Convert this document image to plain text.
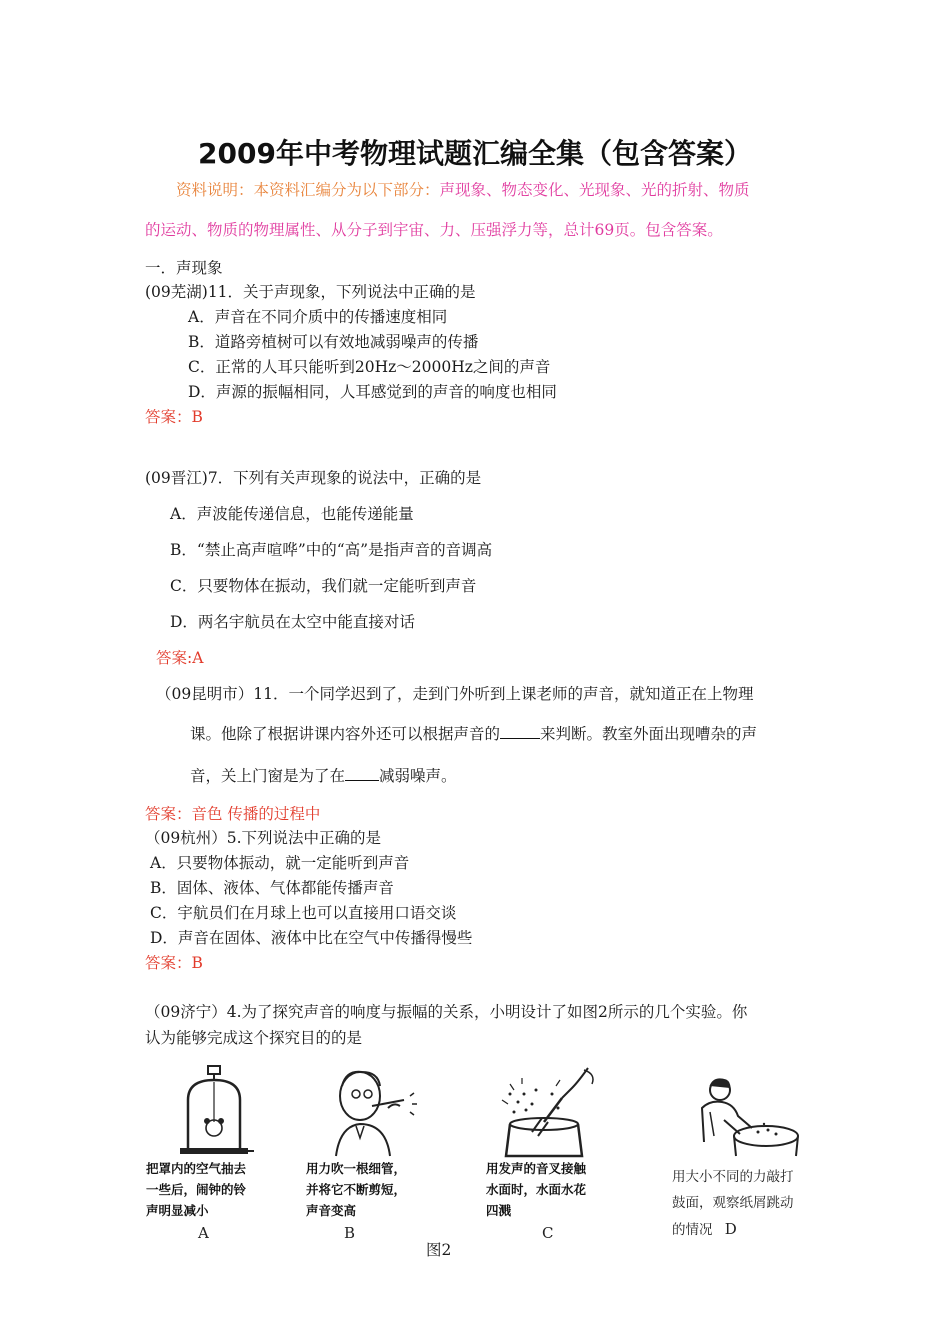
2009年中考物理试题汇编全集（包含答案）
资料说明：本资料汇编分为以下部分：声现象、物态变化、光现象、光的折射、物质
的运动、物质的物理属性、从分子到宇宙、力、压强浮力等，总计69页。包含答案。
一．声现象
(09芜湖)11．关于声现象，下列说法中正确的是
A．声音在不同介质中的传播速度相同
B．道路旁植树可以有效地减弱噪声的传播
C．正常的人耳只能听到20Hz～2000Hz之间的声音
D．声源的振幅相同，人耳感觉到的声音的响度也相同
答案：B
(09晋江)7．下列有关声现象的说法中，正确的是
A．声波能传递信息，也能传递能量
B．“禁止高声喧哗”中的“高”是指声音的音调高
C．只要物体在振动，我们就一定能听到声音
D．两名宇航员在太空中能直接对话
答案:A
（09昆明市）11．一个同学迟到了，走到门外听到上课老师的声音，就知道正在上物理
课。他除了根据讲课内容外还可以根据声音的	来判断。教室外面出现嘈杂的声
音，关上门窗是为了在 减弱噪声。
答案：音色 传播的过程中
（09杭州）5.下列说法中正确的是
A．只要物体振动，就一定能听到声音
B．固体、液体、气体都能传播声音
C．宇航员们在月球上也可以直接用口语交谈
D．声音在固体、液体中比在空气中传播得慢些
答案：B
（09济宁）4.为了探究声音的响度与振幅的关系，小明设计了如图2所示的几个实验。你
认为能够完成这个探究目的的是
把罩内的空气抽去
一些后，闹钟的铃
声明显减小
A
用力吹一根细管，
并将它不断剪短，
声音变高
B
用发声的音叉接触
水面时，水面水花
四溅
C
用大小不同的力敲打
鼓面，观察纸屑跳动
的情况 D
图2
